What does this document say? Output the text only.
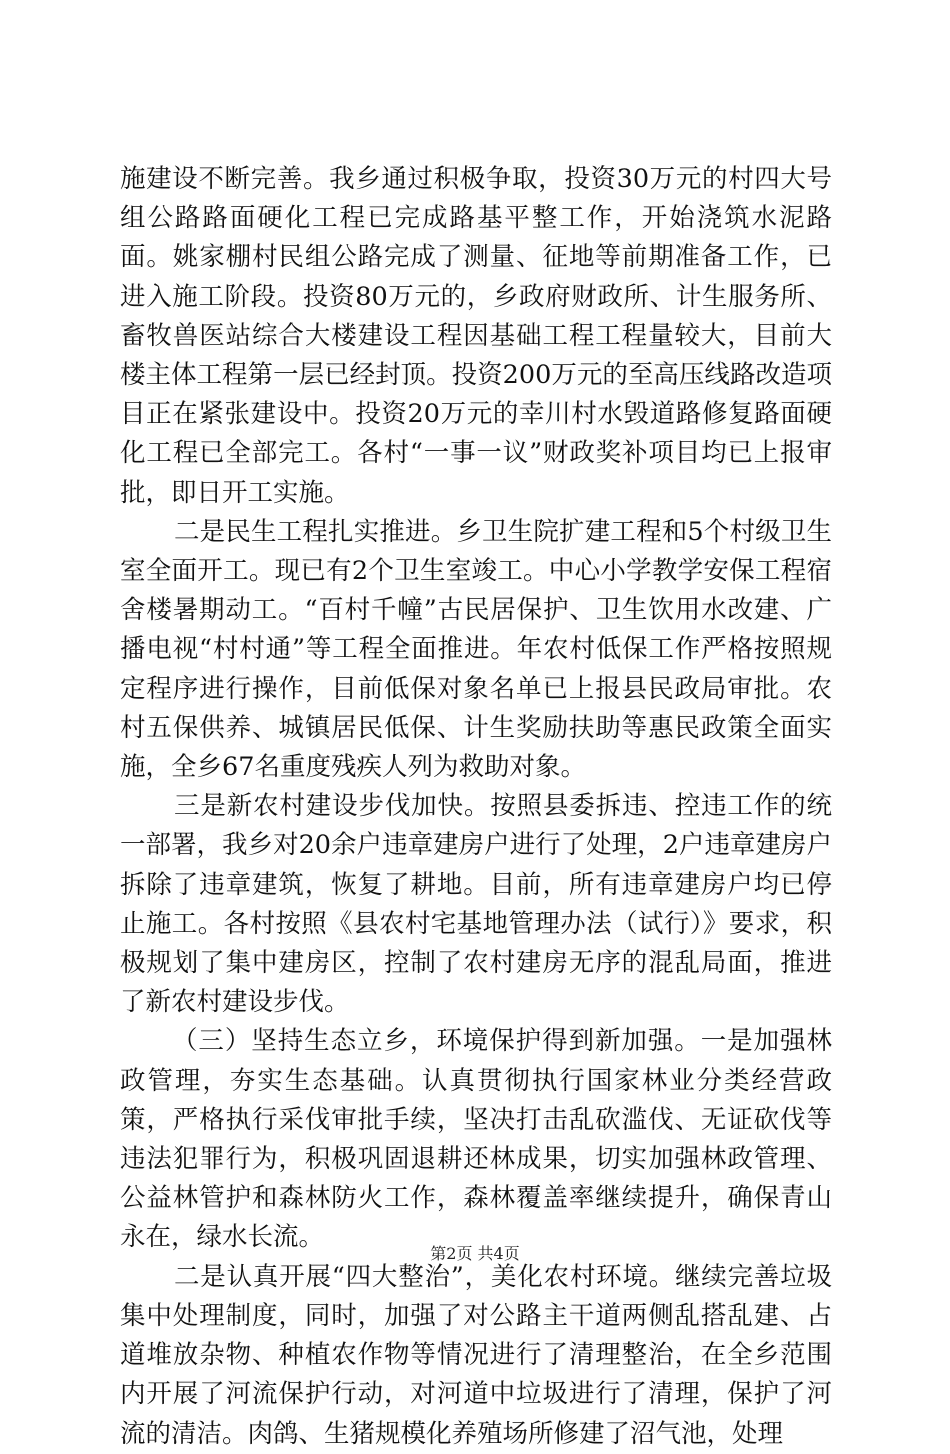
施建设不断完善。我乡通过积极争取，投资30万元的村四大号组公路路面硬化工程已完成路基平整工作，开始浇筑水泥路面。姚家棚村民组公路完成了测量、征地等前期准备工作，已进入施工阶段。投资80万元的，乡政府财政所、计生服务所、畜牧兽医站综合大楼建设工程因基础工程工程量较大，目前大楼主体工程第一层已经封顶。投资200万元的至高压线路改造项目正在紧张建设中。投资20万元的幸川村水毁道路修复路面硬化工程已全部完工。各村“一事一议”财政奖补项目均已上报审批，即日开工实施。

二是民生工程扎实推进。乡卫生院扩建工程和5个村级卫生室全面开工。现已有2个卫生室竣工。中心小学教学安保工程宿舍楼暑期动工。“百村千幢”古民居保护、卫生饮用水改建、广播电视“村村通”等工程全面推进。年农村低保工作严格按照规定程序进行操作，目前低保对象名单已上报县民政局审批。农村五保供养、城镇居民低保、计生奖励扶助等惠民政策全面实施，全乡67名重度残疾人列为救助对象。

三是新农村建设步伐加快。按照县委拆违、控违工作的统一部署，我乡对20余户违章建房户进行了处理，2户违章建房户拆除了违章建筑，恢复了耕地。目前，所有违章建房户均已停止施工。各村按照《县农村宅基地管理办法（试行）》要求，积极规划了集中建房区，控制了农村建房无序的混乱局面，推进了新农村建设步伐。

（三）坚持生态立乡，环境保护得到新加强。一是加强林政管理，夯实生态基础。认真贯彻执行国家林业分类经营政策，严格执行采伐审批手续，坚决打击乱砍滥伐、无证砍伐等违法犯罪行为，积极巩固退耕还林成果，切实加强林政管理、公益林管护和森林防火工作，森林覆盖率继续提升，确保青山永在，绿水长流。

二是认真开展“四大整治”，美化农村环境。继续完善垃圾集中处理制度，同时，加强了对公路主干道两侧乱搭乱建、占道堆放杂物、种植农作物等情况进行了清理整治，在全乡范围内开展了河流保护行动，对河道中垃圾进行了清理，保护了河流的清洁。肉鸽、生猪规模化养殖场所修建了沼气池，处理

第2页 共4页
